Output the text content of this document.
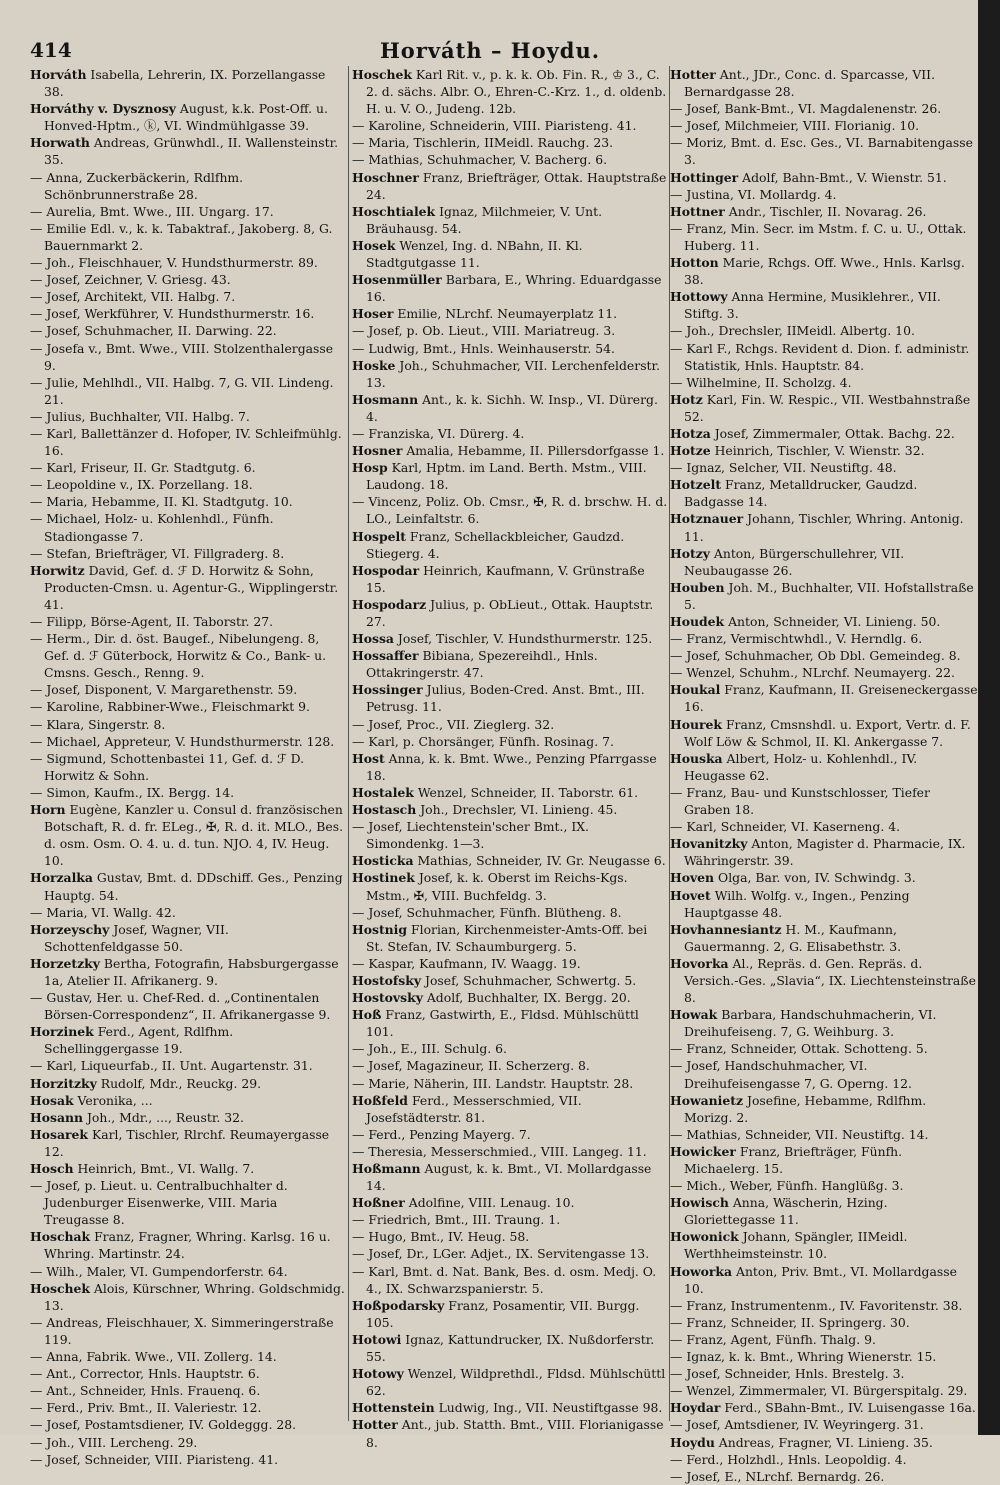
414	Horváth – Hoydu.

Horváth Isabella, Lehrerin, IX. Porzellangasse 38.

Horváthy v. Dysznosy August, k.k. Post-Off. u. Honved-Hptm., ⓚ, VI. Windmühlgasse 39.

Horwath Andreas, Grünwhdl., II. Wallensteinstr. 35.

— Anna, Zuckerbäckerin, Rdlfhm. Schönbrunnerstraße 28.

— Aurelia, Bmt. Wwe., III. Ungarg. 17.

— Emilie Edl. v., k. k. Tabaktraf., Jakoberg. 8, G. Bauernmarkt 2.

— Joh., Fleischhauer, V. Hundsthurmerstr. 89.

— Josef, Zeichner, V. Griesg. 43.

— Josef, Architekt, VII. Halbg. 7.

— Josef, Werkführer, V. Hundsthurmerstr. 16.

— Josef, Schuhmacher, II. Darwing. 22.

— Josefa v., Bmt. Wwe., VIII. Stolzenthalergasse 9.

— Julie, Mehlhdl., VII. Halbg. 7, G. VII. Lindeng. 21.

— Julius, Buchhalter, VII. Halbg. 7.

— Karl, Ballettänzer d. Hofoper, IV. Schleifmühlg. 16.

— Karl, Friseur, II. Gr. Stadtgutg. 6.

— Leopoldine v., IX. Porzellang. 18.

— Maria, Hebamme, II. Kl. Stadtgutg. 10.

— Michael, Holz- u. Kohlenhdl., Fünfh. Stadiongasse 7.

— Stefan, Briefträger, VI. Fillgraderg. 8.

Horwitz David, Gef. d. ℱ D. Horwitz & Sohn, Producten-Cmsn. u. Agentur-G., Wipplingerstr. 41.

— Filipp, Börse-Agent, II. Taborstr. 27.

— Herm., Dir. d. öst. Baugef., Nibelungeng. 8, Gef. d. ℱ Güterbock, Horwitz & Co., Bank- u. Cmsns. Gesch., Renng. 9.

— Josef, Disponent, V. Margarethenstr. 59.

— Karoline, Rabbiner-Wwe., Fleischmarkt 9.

— Klara, Singerstr. 8.

— Michael, Appreteur, V. Hundsthurmerstr. 128.

— Sigmund, Schottenbastei 11, Gef. d. ℱ D. Horwitz & Sohn.

— Simon, Kaufm., IX. Bergg. 14.

Horn Eugène, Kanzler u. Consul d. französischen Botschaft, R. d. fr. ELeg., ✠, R. d. it. MLO., Bes. d. osm. Osm. O. 4. u. d. tun. NJO. 4, IV. Heug. 10.

Horzalka Gustav, Bmt. d. DDschiff. Ges., Penzing Hauptg. 54.

— Maria, VI. Wallg. 42.

Horzeyschy Josef, Wagner, VII. Schottenfeldgasse 50.

Horzetzky Bertha, Fotografin, Habsburgergasse 1a, Atelier II. Afrikanerg. 9.

— Gustav, Her. u. Chef-Red. d. „Continentalen Börsen-Correspondenz“, II. Afrikanergasse 9.

Horzinek Ferd., Agent, Rdlfhm. Schellinggergasse 19.

— Karl, Liqueurfab., II. Unt. Augartenstr. 31.

Horzitzky Rudolf, Mdr., Reuckg. 29.

Hosak Veronika, ...

Hosann Joh., Mdr., ..., Reustr. 32.

Hosarek Karl, Tischler, Rlrchf. Reumayergasse 12.

Hosch Heinrich, Bmt., VI. Wallg. 7.

— Josef, p. Lieut. u. Centralbuchhalter d. Judenburger Eisenwerke, VIII. Maria Treugasse 8.

Hoschak Franz, Fragner, Whring. Karlsg. 16 u. Whring. Martinstr. 24.

— Wilh., Maler, VI. Gumpendorferstr. 64.

Hoschek Alois, Kürschner, Whring. Goldschmidg. 13.

— Andreas, Fleischhauer, X. Simmeringerstraße 119.

— Anna, Fabrik. Wwe., VII. Zollerg. 14.

— Ant., Corrector, Hnls. Hauptstr. 6.

— Ant., Schneider, Hnls. Frauenq. 6.

— Ferd., Priv. Bmt., II. Valeriestr. 12.

— Josef, Postamtsdiener, IV. Goldeggg. 28.

— Joh., VIII. Lercheng. 29.

— Josef, Schneider, VIII. Piaristeng. 41.

Hoschek Karl Rit. v., p. k. k. Ob. Fin. R., ♔ 3., C. 2. d. sächs. Albr. O., Ehren-C.-Krz. 1., d. oldenb. H. u. V. O., Judeng. 12b.

— Karoline, Schneiderin, VIII. Piaristeng. 41.

— Maria, Tischlerin, IIMeidl. Rauchg. 23.

— Mathias, Schuhmacher, V. Bacherg. 6.

Hoschner Franz, Briefträger, Ottak. Hauptstraße 24.

Hoschtialek Ignaz, Milchmeier, V. Unt. Bräuhausg. 54.

Hosek Wenzel, Ing. d. NBahn, II. Kl. Stadtgutgasse 11.

Hosenmüller Barbara, E., Whring. Eduardgasse 16.

Hoser Emilie, NLrchf. Neumayerplatz 11.

— Josef, p. Ob. Lieut., VIII. Mariatreug. 3.

— Ludwig, Bmt., Hnls. Weinhauserstr. 54.

Hoske Joh., Schuhmacher, VII. Lerchenfelderstr. 13.

Hosmann Ant., k. k. Sichh. W. Insp., VI. Dürerg. 4.

— Franziska, VI. Dürerg. 4.

Hosner Amalia, Hebamme, II. Pillersdorfgasse 1.

Hosp Karl, Hptm. im Land. Berth. Mstm., VIII. Laudong. 18.

— Vincenz, Poliz. Ob. Cmsr., ✠, R. d. brschw. H. d. LO., Leinfaltstr. 6.

Hospelt Franz, Schellackbleicher, Gaudzd. Stiegerg. 4.

Hospodar Heinrich, Kaufmann, V. Grünstraße 15.

Hospodarz Julius, p. ObLieut., Ottak. Hauptstr. 27.

Hossa Josef, Tischler, V. Hundsthurmerstr. 125.

Hossaffer Bibiana, Spezereihdl., Hnls. Ottakringerstr. 47.

Hossinger Julius, Boden-Cred. Anst. Bmt., III. Petrusg. 11.

— Josef, Proc., VII. Zieglerg. 32.

— Karl, p. Chorsänger, Fünfh. Rosinag. 7.

Host Anna, k. k. Bmt. Wwe., Penzing Pfarrgasse 18.

Hostalek Wenzel, Schneider, II. Taborstr. 61.

Hostasch Joh., Drechsler, VI. Linieng. 45.

— Josef, Liechtenstein'scher Bmt., IX. Simondenkg. 1—3.

Hosticka Mathias, Schneider, IV. Gr. Neugasse 6.

Hostinek Josef, k. k. Oberst im Reichs-Kgs. Mstm., ✠, VIII. Buchfeldg. 3.

— Josef, Schuhmacher, Fünfh. Blütheng. 8.

Hostnig Florian, Kirchenmeister-Amts-Off. bei St. Stefan, IV. Schaumburgerg. 5.

— Kaspar, Kaufmann, IV. Waagg. 19.

Hostofsky Josef, Schuhmacher, Schwertg. 5.

Hostovsky Adolf, Buchhalter, IX. Bergg. 20.

Hoß Franz, Gastwirth, E., Fldsd. Mühlschüttl 101.

— Joh., E., III. Schulg. 6.

— Josef, Magazineur, II. Scherzerg. 8.

— Marie, Näherin, III. Landstr. Hauptstr. 28.

Hoßfeld Ferd., Messerschmied, VII. Josefstädterstr. 81.

— Ferd., Penzing Mayerg. 7.

— Theresia, Messerschmied., VIII. Langeg. 11.

Hoßmann August, k. k. Bmt., VI. Mollardgasse 14.

Hoßner Adolfine, VIII. Lenaug. 10.

— Friedrich, Bmt., III. Traung. 1.

— Hugo, Bmt., IV. Heug. 58.

— Josef, Dr., LGer. Adjet., IX. Servitengasse 13.

— Karl, Bmt. d. Nat. Bank, Bes. d. osm. Medj. O. 4., IX. Schwarzspanierstr. 5.

Hoßpodarsky Franz, Posamentir, VII. Burgg. 105.

Hotowi Ignaz, Kattundrucker, IX. Nußdorferstr. 55.

Hotowy Wenzel, Wildprethdl., Fldsd. Mühlschüttl 62.

Hottenstein Ludwig, Ing., VII. Neustiftgasse 98.

Hotter Ant., jub. Statth. Bmt., VIII. Florianigasse 8.

Hotter Ant., JDr., Conc. d. Sparcasse, VII. Bernardgasse 28.

— Josef, Bank-Bmt., VI. Magdalenenstr. 26.

— Josef, Milchmeier, VIII. Florianig. 10.

— Moriz, Bmt. d. Esc. Ges., VI. Barnabitengasse 3.

Hottinger Adolf, Bahn-Bmt., V. Wienstr. 51.

— Justina, VI. Mollardg. 4.

Hottner Andr., Tischler, II. Novarag. 26.

— Franz, Min. Secr. im Mstm. f. C. u. U., Ottak. Huberg. 11.

Hotton Marie, Rchgs. Off. Wwe., Hnls. Karlsg. 38.

Hottowy Anna Hermine, Musiklehrer., VII. Stiftg. 3.

— Joh., Drechsler, IIMeidl. Albertg. 10.

— Karl F., Rchgs. Revident d. Dion. f. administr. Statistik, Hnls. Hauptstr. 84.

— Wilhelmine, II. Scholzg. 4.

Hotz Karl, Fin. W. Respic., VII. Westbahnstraße 52.

Hotza Josef, Zimmermaler, Ottak. Bachg. 22.

Hotze Heinrich, Tischler, V. Wienstr. 32.

— Ignaz, Selcher, VII. Neustiftg. 48.

Hotzelt Franz, Metalldrucker, Gaudzd. Badgasse 14.

Hotznauer Johann, Tischler, Whring. Antonig. 11.

Hotzy Anton, Bürgerschullehrer, VII. Neubaugasse 26.

Houben Joh. M., Buchhalter, VII. Hofstallstraße 5.

Houdek Anton, Schneider, VI. Linieng. 50.

— Franz, Vermischtwhdl., V. Herndlg. 6.

— Josef, Schuhmacher, Ob Dbl. Gemeindeg. 8.

— Wenzel, Schuhm., NLrchf. Neumayerg. 22.

Houkal Franz, Kaufmann, II. Greiseneckergasse 16.

Hourek Franz, Cmsnshdl. u. Export, Vertr. d. F. Wolf Löw & Schmol, II. Kl. Ankergasse 7.

Houska Albert, Holz- u. Kohlenhdl., IV. Heugasse 62.

— Franz, Bau- und Kunstschlosser, Tiefer Graben 18.

— Karl, Schneider, VI. Kaserneng. 4.

Hovanitzky Anton, Magister d. Pharmacie, IX. Währingerstr. 39.

Hoven Olga, Bar. von, IV. Schwindg. 3.

Hovet Wilh. Wolfg. v., Ingen., Penzing Hauptgasse 48.

Hovhannesiantz H. M., Kaufmann, Gauermanng. 2, G. Elisabethstr. 3.

Hovorka Al., Repräs. d. Gen. Repräs. d. Versich.-Ges. „Slavia“, IX. Liechtensteinstraße 8.

Howak Barbara, Handschuhmacherin, VI. Dreihufeiseng. 7, G. Weihburg. 3.

— Franz, Schneider, Ottak. Schotteng. 5.

— Josef, Handschuhmacher, VI. Dreihufeisengasse 7, G. Operng. 12.

Howanietz Josefine, Hebamme, Rdlfhm. Morizg. 2.

— Mathias, Schneider, VII. Neustiftg. 14.

Howicker Franz, Briefträger, Fünfh. Michaelerg. 15.

— Mich., Weber, Fünfh. Hanglüßg. 3.

Howisch Anna, Wäscherin, Hzing. Gloriettegasse 11.

Howonick Johann, Spängler, IIMeidl. Werthheimsteinstr. 10.

Howorka Anton, Priv. Bmt., VI. Mollardgasse 10.

— Franz, Instrumentenm., IV. Favoritenstr. 38.

— Franz, Schneider, II. Springerg. 30.

— Franz, Agent, Fünfh. Thalg. 9.

— Ignaz, k. k. Bmt., Whring Wienerstr. 15.

— Josef, Schneider, Hnls. Brestelg. 3.

— Wenzel, Zimmermaler, VI. Bürgerspitalg. 29.

Hoydar Ferd., SBahn-Bmt., IV. Luisengasse 16a.

— Josef, Amtsdiener, IV. Weyringerg. 31.

Hoydu Andreas, Fragner, VI. Linieng. 35.

— Ferd., Holzhdl., Hnls. Leopoldig. 4.

— Josef, E., NLrchf. Bernardg. 26.
